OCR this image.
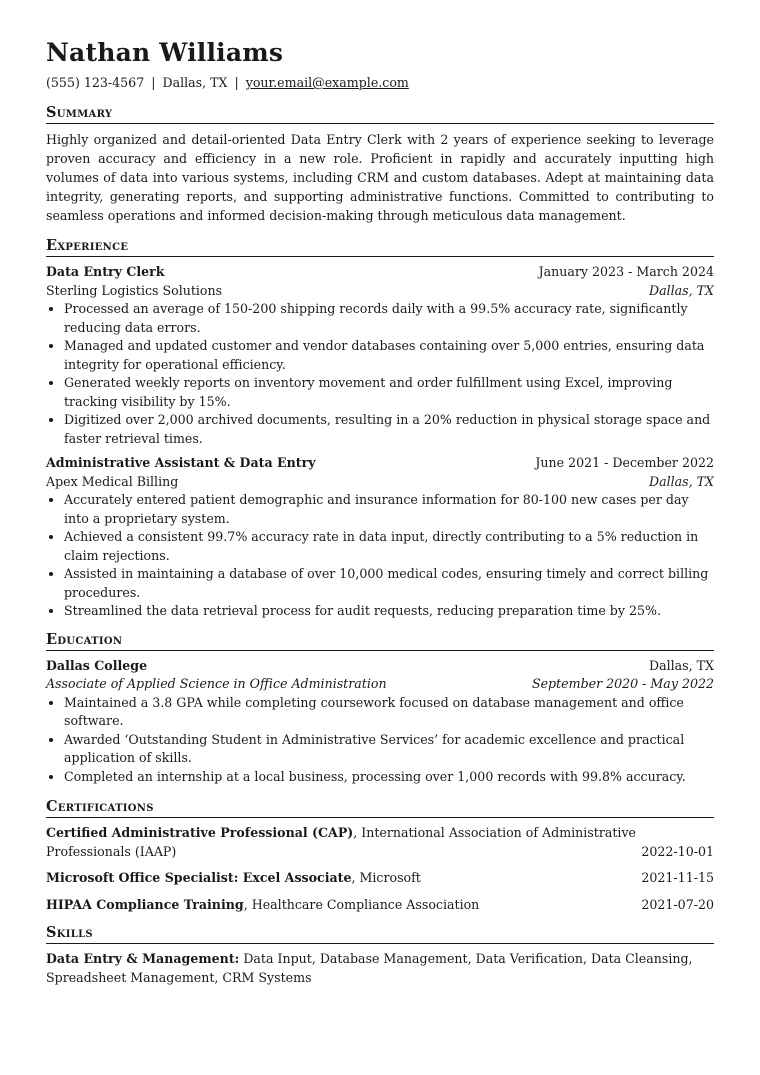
Nathan Williams
(555) 123-4567 | Dallas, TX | your.email@example.com
Summary
Highly organized and detail-oriented Data Entry Clerk with 2 years of experience seeking to leverage proven accuracy and efficiency in a new role. Proficient in rapidly and accurately inputting high volumes of data into various systems, including CRM and custom databases. Adept at maintaining data integrity, generating reports, and supporting administrative functions. Committed to contributing to seamless operations and informed decision-making through meticulous data management.
Experience
Data Entry Clerk	January 2023 - March 2024
Sterling Logistics Solutions	Dallas, TX
• Processed an average of 150-200 shipping records daily with a 99.5% accuracy rate, significantly reducing data errors.
• Managed and updated customer and vendor databases containing over 5,000 entries, ensuring data integrity for operational efficiency.
• Generated weekly reports on inventory movement and order fulfillment using Excel, improving tracking visibility by 15%.
• Digitized over 2,000 archived documents, resulting in a 20% reduction in physical storage space and faster retrieval times.
Administrative Assistant & Data Entry	June 2021 - December 2022
Apex Medical Billing	Dallas, TX
• Accurately entered patient demographic and insurance information for 80-100 new cases per day into a proprietary system.
• Achieved a consistent 99.7% accuracy rate in data input, directly contributing to a 5% reduction in claim rejections.
• Assisted in maintaining a database of over 10,000 medical codes, ensuring timely and correct billing procedures.
• Streamlined the data retrieval process for audit requests, reducing preparation time by 25%.
Education
Dallas College	Dallas, TX
Associate of Applied Science in Office Administration	September 2020 - May 2022
• Maintained a 3.8 GPA while completing coursework focused on database management and office software.
• Awarded ‘Outstanding Student in Administrative Services’ for academic excellence and practical application of skills.
• Completed an internship at a local business, processing over 1,000 records with 99.8% accuracy.
Certifications
Certified Administrative Professional (CAP), International Association of Administrative Professionals (IAAP)	2022-10-01
Microsoft Office Specialist: Excel Associate, Microsoft	2021-11-15
HIPAA Compliance Training, Healthcare Compliance Association	2021-07-20
Skills
Data Entry & Management: Data Input, Database Management, Data Verification, Data Cleansing, Spreadsheet Management, CRM Systems
